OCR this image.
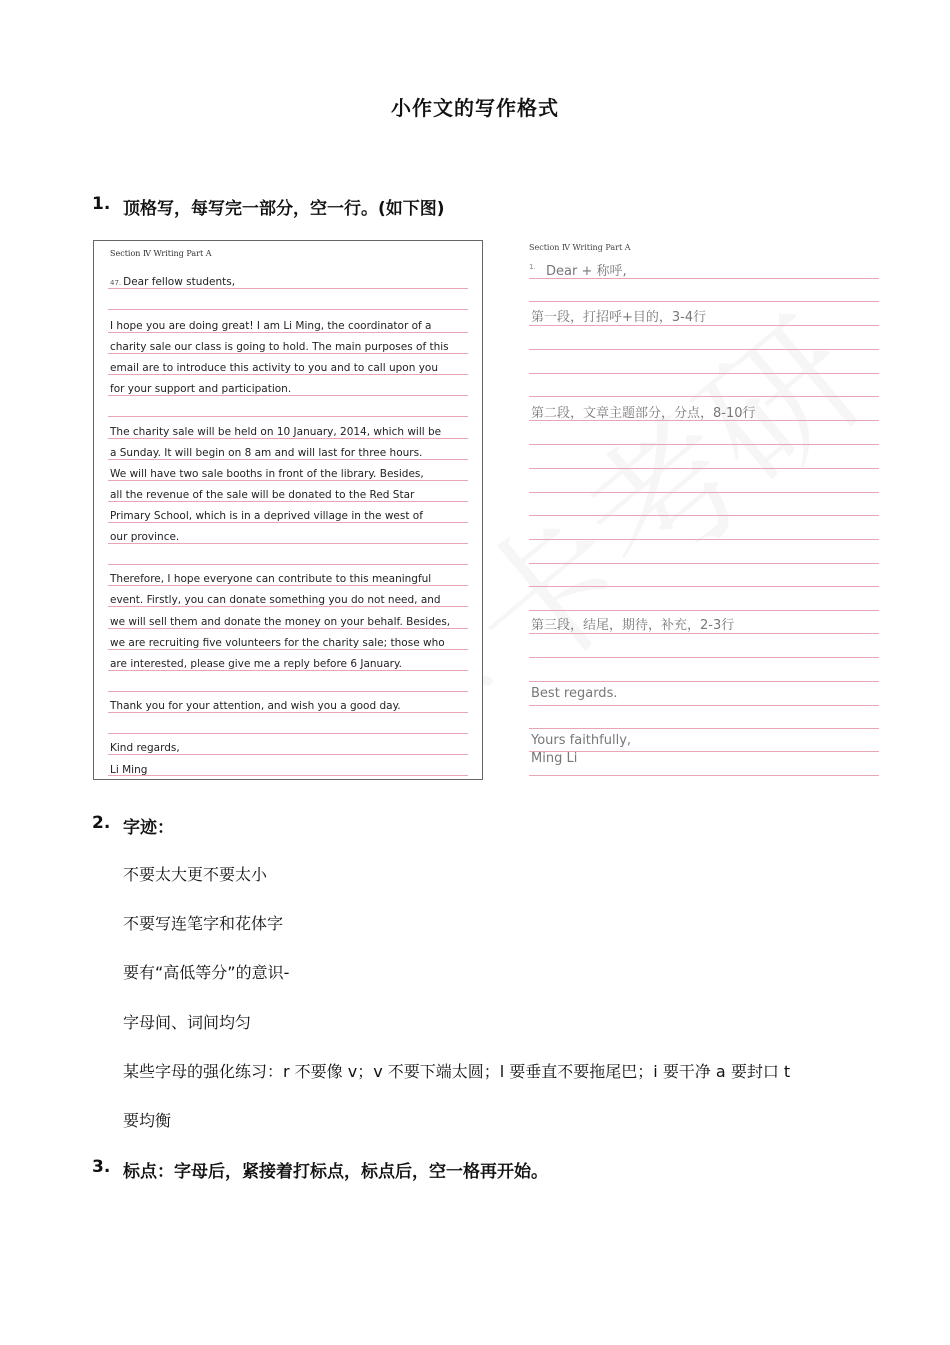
小作文的写作格式
1. 顶格写，每写完一部分，空一行。(如下图)
Section Ⅳ Writing Part A
47. Dear fellow students,
I hope you are doing great! I am Li Ming, the coordinator of a
charity sale our class is going to hold. The main purposes of this
email are to introduce this activity to you and to call upon you
for your support and participation.
The charity sale will be held on 10 January, 2014, which will be
a Sunday. It will begin on 8 am and will last for three hours.
We will have two sale booths in front of the library. Besides,
all the revenue of the sale will be donated to the Red Star
Primary School, which is in a deprived village in the west of
our province.
Therefore, I hope everyone can contribute to this meaningful
event. Firstly, you can donate something you do not need, and
we will sell them and donate the money on your behalf. Besides,
we are recruiting five volunteers for the charity sale; those who
are interested, please give me a reply before 6 January.
Thank you for your attention, and wish you a good day.
Kind regards,
Li Ming
Section Ⅳ Writing Part A
1. Dear + 称呼,
第一段，打招呼+目的，3-4行
第二段，文章主题部分，分点，8-10行
第三段，结尾，期待，补充，2-3行
Best regards.
Yours faithfully,
Ming Li
2. 字迹：
不要太大更不要太小
不要写连笔字和花体字
要有“高低等分”的意识-
字母间、词间均匀
某些字母的强化练习：r 不要像 v；v 不要下端太圆；l 要垂直不要拖尾巴；i 要干净 a 要封口 t
要均衡
3. 标点：字母后，紧接着打标点，标点后，空一格再开始。
